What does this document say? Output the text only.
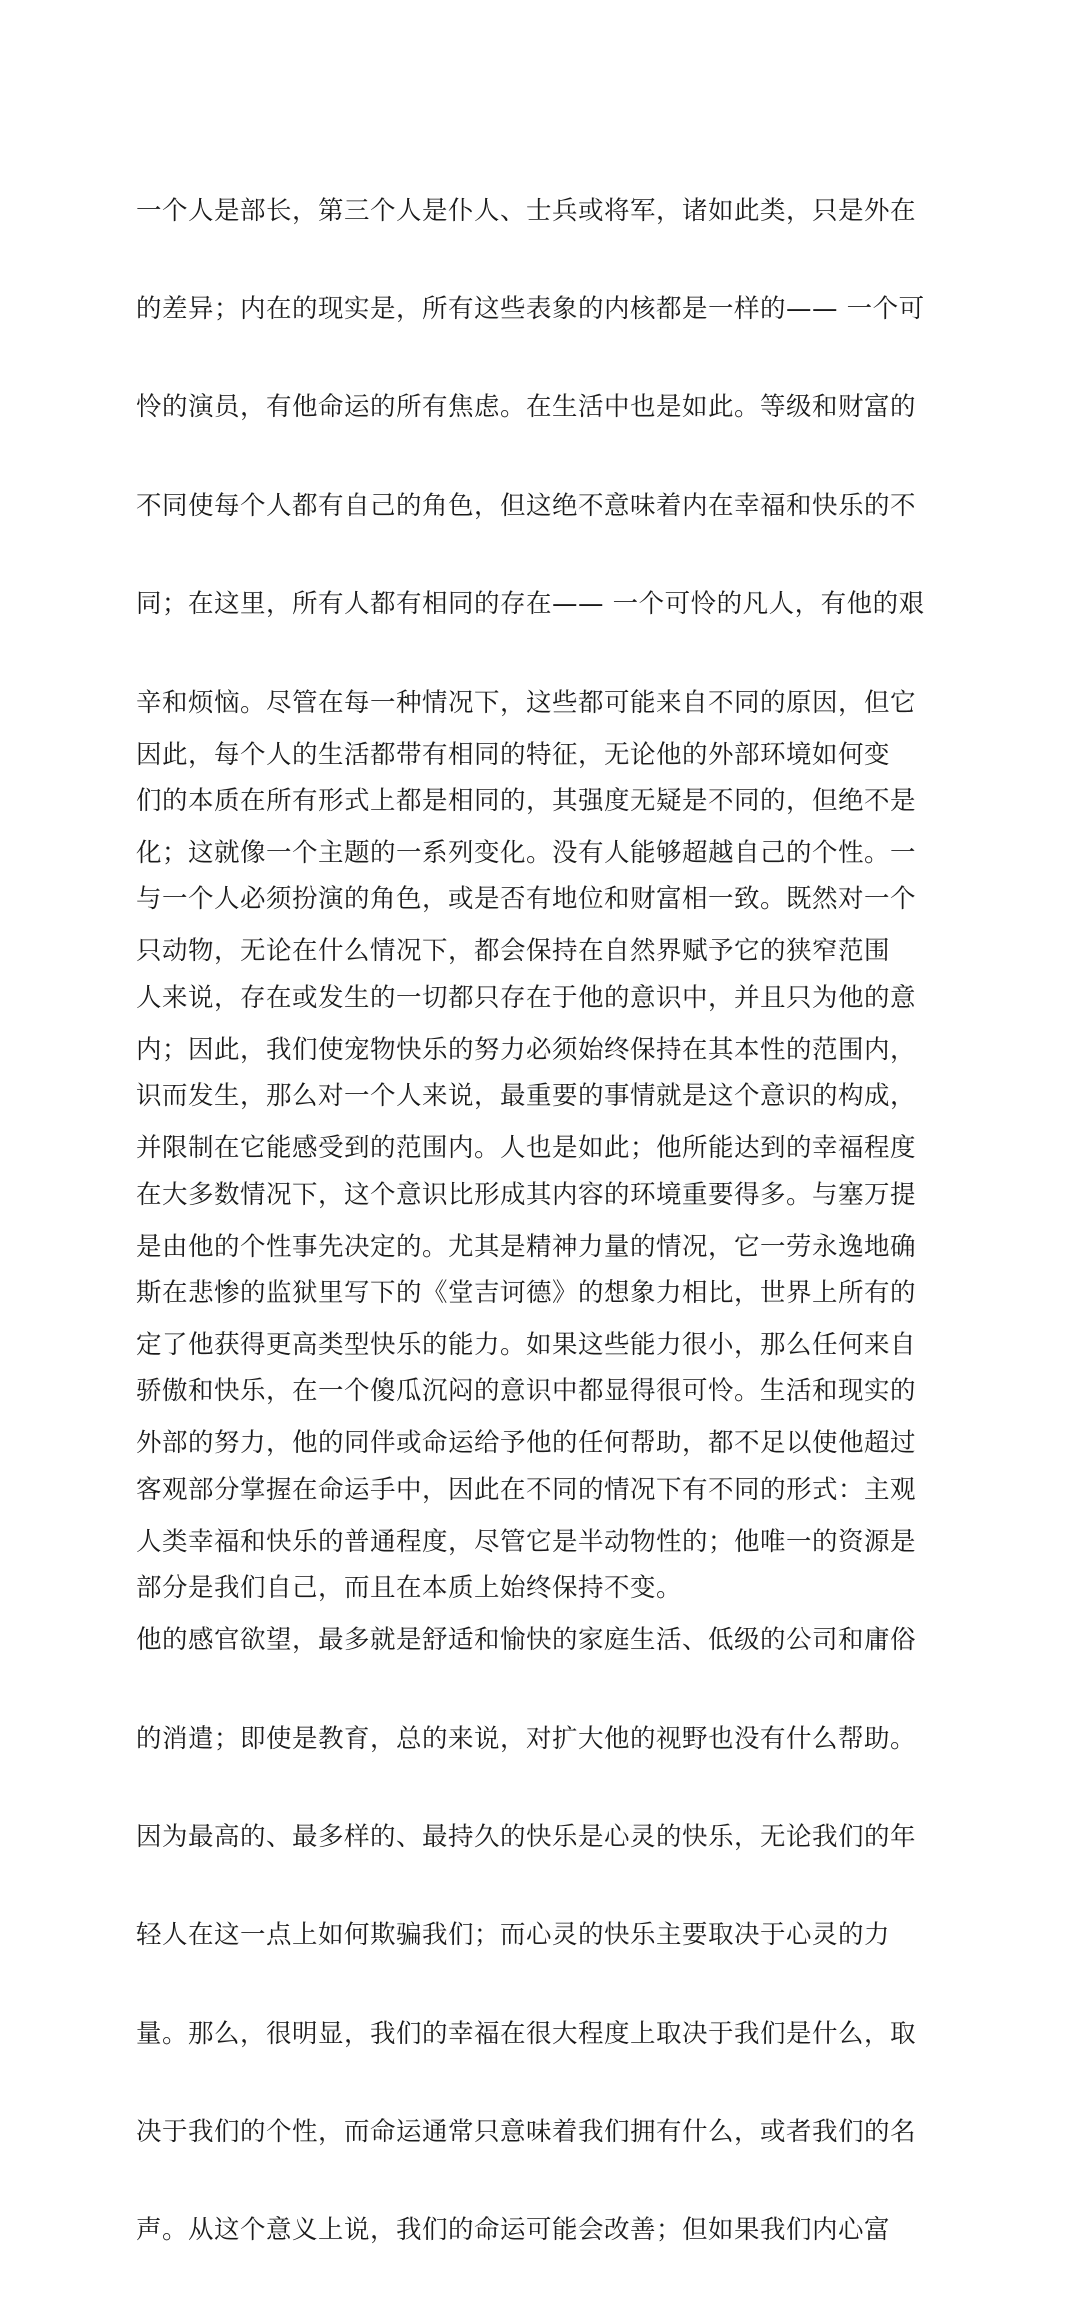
一个人是部长，第三个人是仆人、士兵或将军，诸如此类，只是外在

的差异；内在的现实是，所有这些表象的内核都是一样的—— 一个可

怜的演员，有他命运的所有焦虑。在生活中也是如此。等级和财富的

不同使每个人都有自己的角色，但这绝不意味着内在幸福和快乐的不

同；在这里，所有人都有相同的存在—— 一个可怜的凡人，有他的艰

辛和烦恼。尽管在每一种情况下，这些都可能来自不同的原因，但它

们的本质在所有形式上都是相同的，其强度无疑是不同的，但绝不是

与一个人必须扮演的角色，或是否有地位和财富相一致。既然对一个

人来说，存在或发生的一切都只存在于他的意识中，并且只为他的意

识而发生，那么对一个人来说，最重要的事情就是这个意识的构成，

在大多数情况下，这个意识比形成其内容的环境重要得多。与塞万提

斯在悲惨的监狱里写下的《堂吉诃德》的想象力相比，世界上所有的

骄傲和快乐，在一个傻瓜沉闷的意识中都显得很可怜。生活和现实的

客观部分掌握在命运手中，因此在不同的情况下有不同的形式：主观

部分是我们自己，而且在本质上始终保持不变。

因此，每个人的生活都带有相同的特征，无论他的外部环境如何变

化；这就像一个主题的一系列变化。没有人能够超越自己的个性。一

只动物，无论在什么情况下，都会保持在自然界赋予它的狭窄范围

内；因此，我们使宠物快乐的努力必须始终保持在其本性的范围内，

并限制在它能感受到的范围内。人也是如此；他所能达到的幸福程度

是由他的个性事先决定的。尤其是精神力量的情况，它一劳永逸地确

定了他获得更高类型快乐的能力。如果这些能力很小，那么任何来自

外部的努力，他的同伴或命运给予他的任何帮助，都不足以使他超过

人类幸福和快乐的普通程度，尽管它是半动物性的；他唯一的资源是

他的感官欲望，最多就是舒适和愉快的家庭生活、低级的公司和庸俗

的消遣；即使是教育，总的来说，对扩大他的视野也没有什么帮助。

因为最高的、最多样的、最持久的快乐是心灵的快乐，无论我们的年

轻人在这一点上如何欺骗我们；而心灵的快乐主要取决于心灵的力

量。那么，很明显，我们的幸福在很大程度上取决于我们是什么，取

决于我们的个性，而命运通常只意味着我们拥有什么，或者我们的名

声。从这个意义上说，我们的命运可能会改善；但如果我们内心富
